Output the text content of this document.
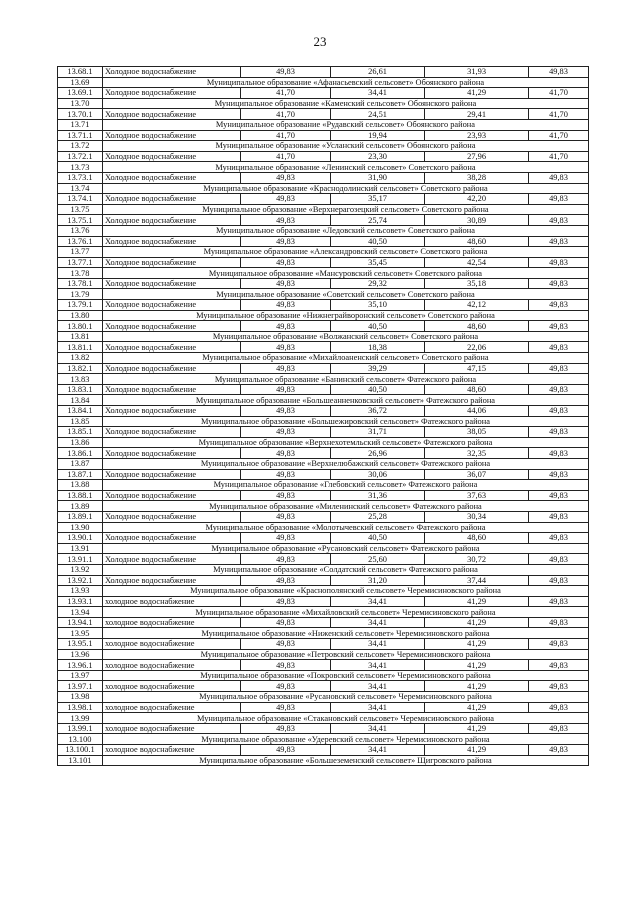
23
13.68.1	Холодное водоснабжение	49,83	26,61	31,93	49,83
13.69	Муниципальное образование «Афанасьевский сельсовет» Обоянского района				
13.69.1	Холодное водоснабжение	41,70	34,41	41,29	41,70
13.70	Муниципальное образование «Каменский сельсовет» Обоянского района				
13.70.1	Холодное водоснабжение	41,70	24,51	29,41	41,70
13.71	Муниципальное образование «Рудавский сельсовет» Обоянского района				
13.71.1	Холодное водоснабжение	41,70	19,94	23,93	41,70
13.72	Муниципальное образование «Усланский сельсовет» Обоянского района				
13.72.1	Холодное водоснабжение	41,70	23,30	27,96	41,70
13.73	Муниципальное образование «Ленинский сельсовет» Советского района				
13.73.1	Холодное водоснабжение	49,83	31,90	38,28	49,83
13.74	Муниципальное образование «Краснодолинский сельсовет» Советского района				
13.74.1	Холодное водоснабжение	49,83	35,17	42,20	49,83
13.75	Муниципальное образование «Верхнерагозецкий сельсовет» Советского района				
13.75.1	Холодное водоснабжение	49,83	25,74	30,89	49,83
13.76	Муниципальное образование «Ледовский сельсовет» Советского района				
13.76.1	Холодное водоснабжение	49,83	40,50	48,60	49,83
13.77	Муниципальное образование «Александровский сельсовет» Советского района				
13.77.1	Холодное водоснабжение	49,83	35,45	42,54	49,83
13.78	Муниципальное образование «Мансуровский сельсовет» Советского района				
13.78.1	Холодное водоснабжение	49,83	29,32	35,18	49,83
13.79	Муниципальное образование «Советский сельсовет» Советского района				
13.79.1	Холодное водоснабжение	49,83	35,10	42,12	49,83
13.80	Муниципальное образование «Нижнеграйворонский сельсовет» Советского района				
13.80.1	Холодное водоснабжение	49,83	40,50	48,60	49,83
13.81	Муниципальное образование «Волжанский сельсовет» Советского района				
13.81.1	Холодное водоснабжение	49,83	18,38	22,06	49,83
13.82	Муниципальное образование «Михайлоаненский сельсовет» Советского района				
13.82.1	Холодное водоснабжение	49,83	39,29	47,15	49,83
13.83	Муниципальное образование «Банинский сельсовет» Фатежского района				
13.83.1	Холодное водоснабжение	49,83	40,50	48,60	49,83
13.84	Муниципальное образование «Большеанненковский сельсовет» Фатежского района				
13.84.1	Холодное водоснабжение	49,83	36,72	44,06	49,83
13.85	Муниципальное образование «Большежировский сельсовет» Фатежского района				
13.85.1	Холодное водоснабжение	49,83	31,71	38,05	49,83
13.86	Муниципальное образование «Верхнехотемльский сельсовет» Фатежского района				
13.86.1	Холодное водоснабжение	49,83	26,96	32,35	49,83
13.87	Муниципальное образование «Верхнелюбажский сельсовет» Фатежского района				
13.87.1	Холодное водоснабжение	49,83	30,06	36,07	49,83
13.88	Муниципальное образование «Глебовский сельсовет» Фатежского района				
13.88.1	Холодное водоснабжение	49,83	31,36	37,63	49,83
13.89	Муниципальное образование «Миленинский сельсовет» Фатежского района				
13.89.1	Холодное водоснабжение	49,83	25,28	30,34	49,83
13.90	Муниципальное образование «Молотычевский сельсовет» Фатежского района				
13.90.1	Холодное водоснабжение	49,83	40,50	48,60	49,83
13.91	Муниципальное образование «Русановский сельсовет» Фатежского района				
13.91.1	Холодное водоснабжение	49,83	25,60	30,72	49,83
13.92	Муниципальное образование «Солдатский сельсовет» Фатежского района				
13.92.1	Холодное водоснабжение	49,83	31,20	37,44	49,83
13.93	Муниципальное образование «Краснополянский сельсовет» Черемисиновского района				
13.93.1	холодное водоснабжение	49,83	34,41	41,29	49,83
13.94	Муниципальное образование «Михайловский сельсовет» Черемисиновского района				
13.94.1	холодное водоснабжение	49,83	34,41	41,29	49,83
13.95	Муниципальное образование «Ниженский сельсовет» Черемисиновского района				
13.95.1	холодное водоснабжение	49,83	34,41	41,29	49,83
13.96	Муниципальное образование «Петровский сельсовет» Черемисиновского района				
13.96.1	холодное водоснабжение	49,83	34,41	41,29	49,83
13.97	Муниципальное образование «Покровский сельсовет» Черемисиновского района				
13.97.1	холодное водоснабжение	49,83	34,41	41,29	49,83
13.98	Муниципальное образование «Русановский сельсовет» Черемисиновского района				
13.98.1	холодное водоснабжение	49,83	34,41	41,29	49,83
13.99	Муниципальное образование «Стакановский сельсовет» Черемисиновского района				
13.99.1	холодное водоснабжение	49,83	34,41	41,29	49,83
13.100	Муниципальное образование «Удеревский сельсовет» Черемисиновского района				
13.100.1	холодное водоснабжение	49,83	34,41	41,29	49,83
13.101	Муниципальное образование «Большеземенский сельсовет» Щигровского района				
